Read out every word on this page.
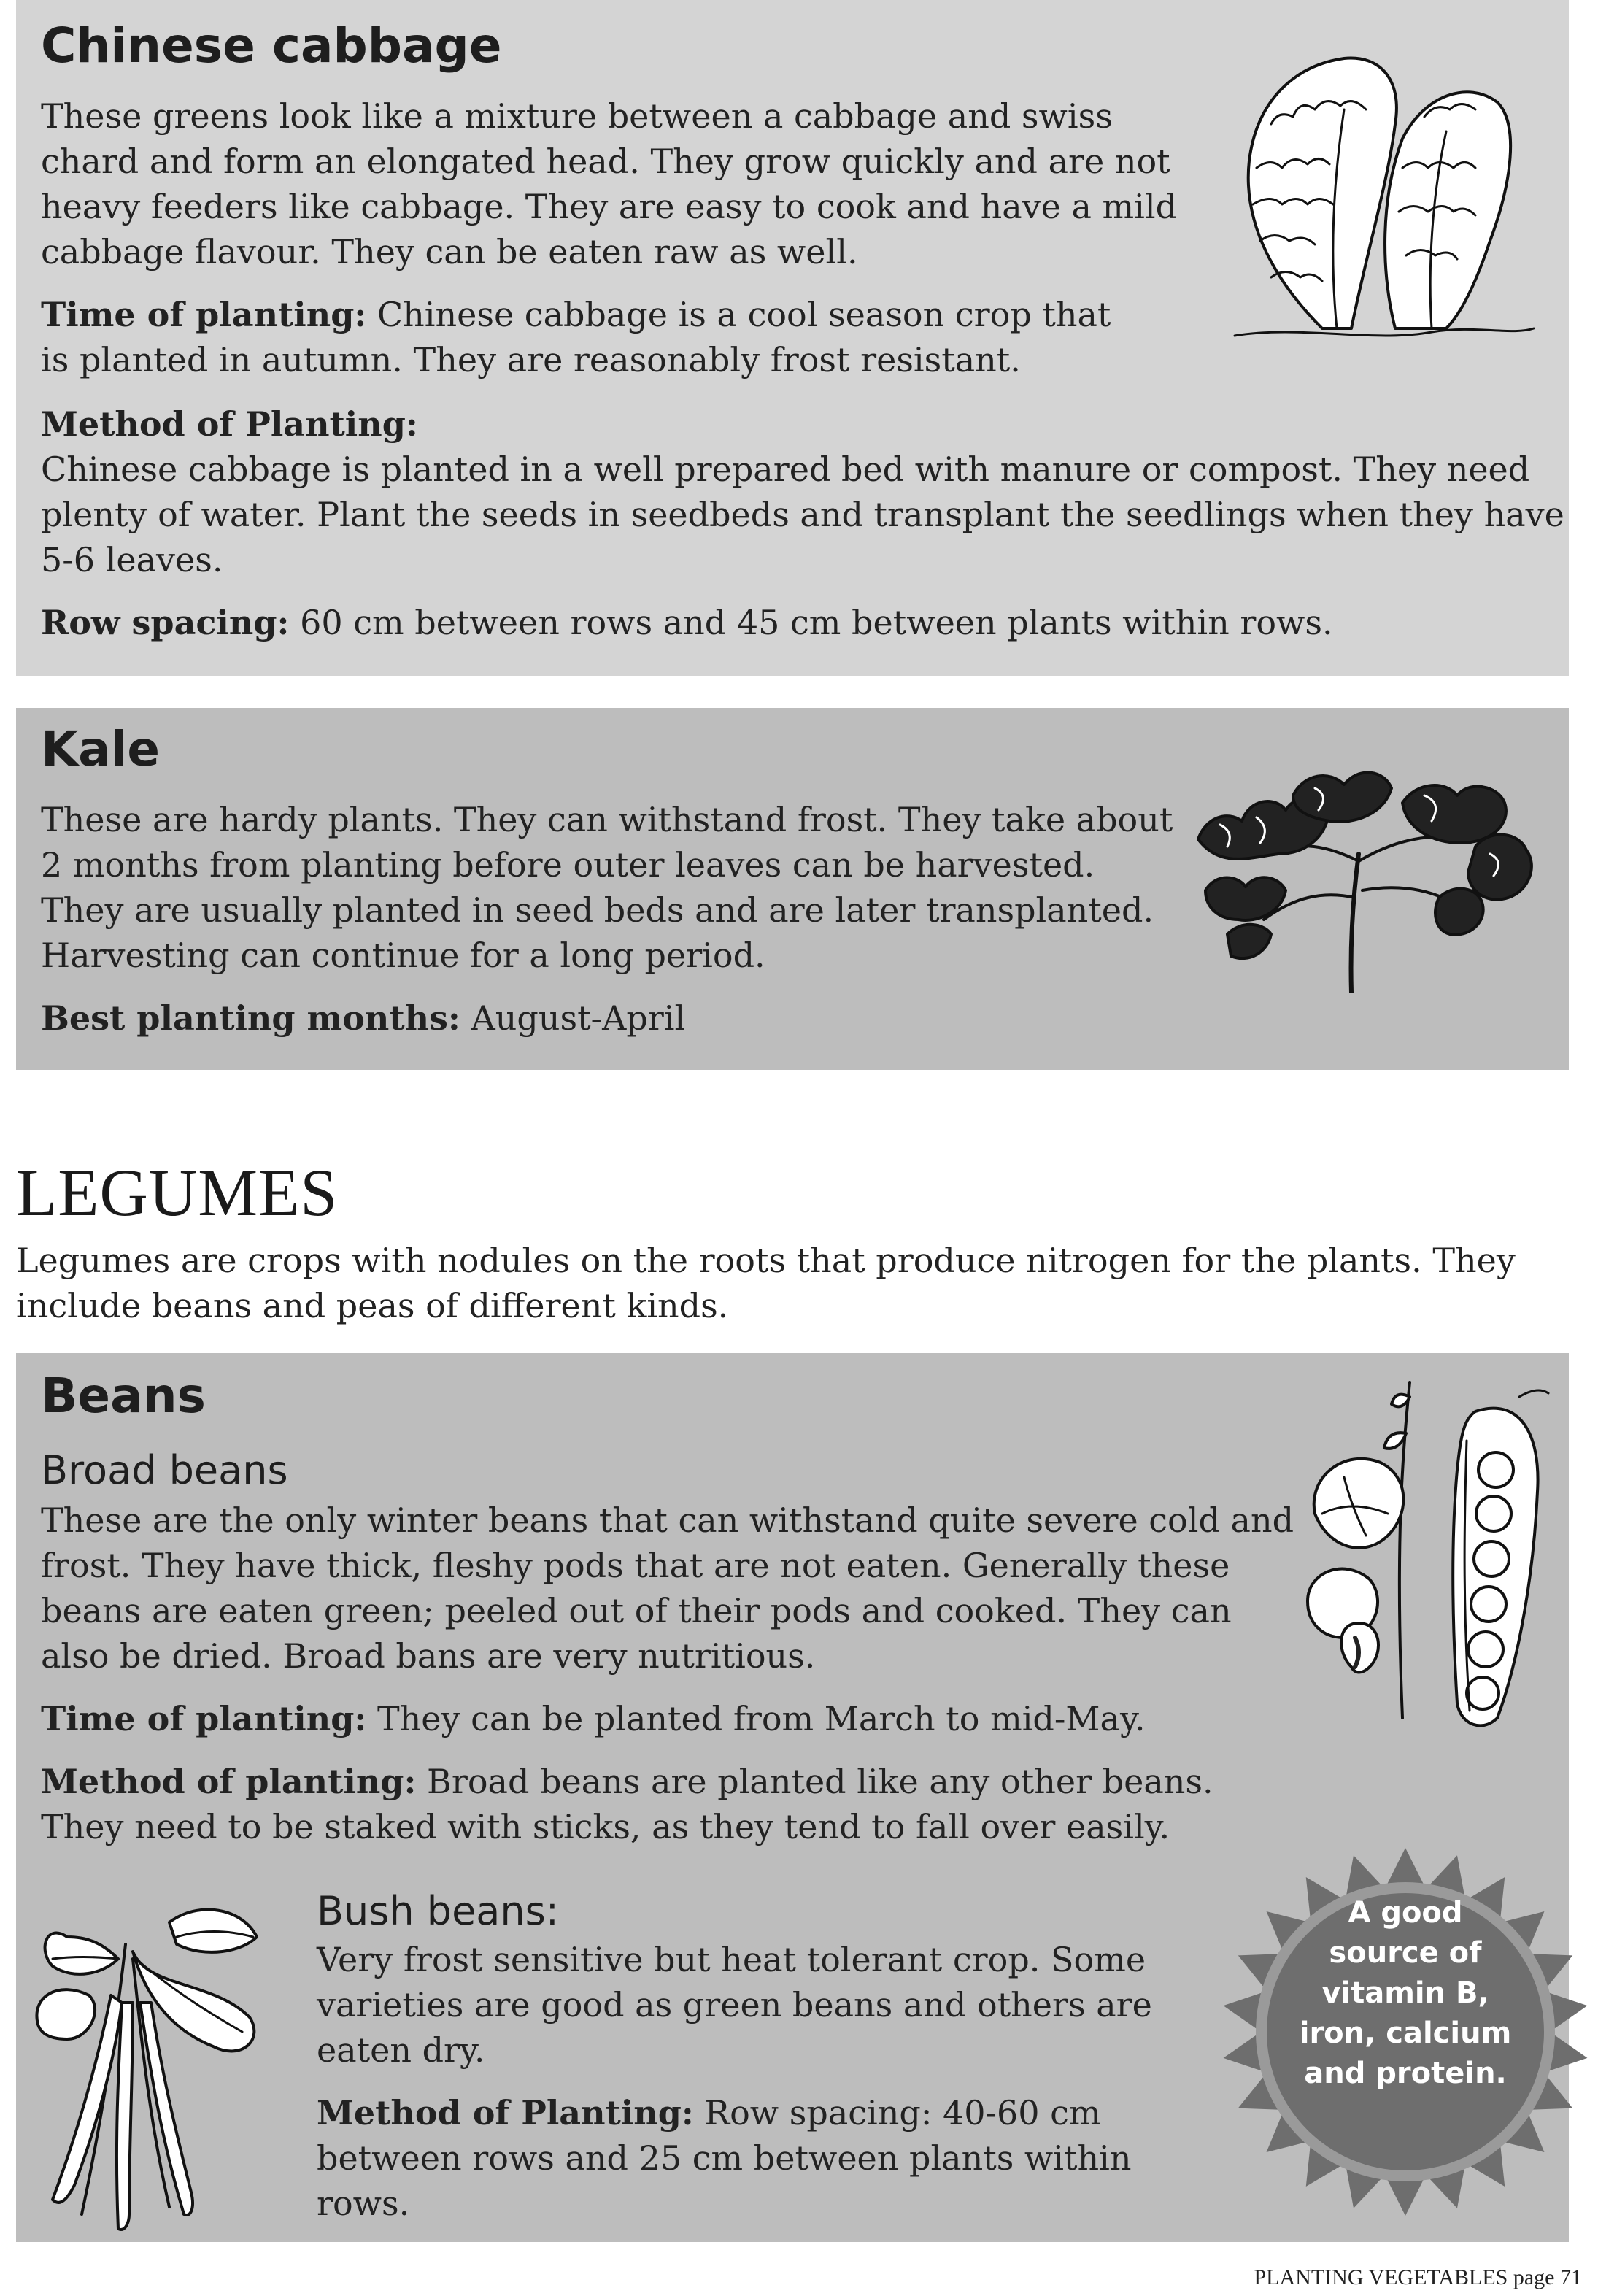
Chinese cabbage

These greens look like a mixture between a cabbage and swiss chard and form an elongated head. They grow quickly and are not heavy feeders like cabbage. They are easy to cook and have a mild cabbage flavour. They can be eaten raw as well.

Time of planting: Chinese cabbage is a cool season crop that is planted in autumn. They are reasonably frost resistant.

Method of Planting:
Chinese cabbage is planted in a well prepared bed with manure or compost. They need plenty of water. Plant the seeds in seedbeds and transplant the seedlings when they have 5-6 leaves.

Row spacing: 60 cm between rows and 45 cm between plants within rows.

Kale

These are hardy plants. They can withstand frost. They take about 2 months from planting before outer leaves can be harvested. They are usually planted in seed beds and are later transplanted. Harvesting can continue for a long period.

Best planting months: August-April

LEGUMES

Legumes are crops with nodules on the roots that produce nitrogen for the plants. They include beans and peas of different kinds.

Beans
Broad beans

These are the only winter beans that can withstand quite severe cold and frost. They have thick, fleshy pods that are not eaten. Generally these beans are eaten green; peeled out of their pods and cooked. They can also be dried. Broad bans are very nutritious.

Time of planting: They can be planted from March to mid-May.

Method of planting: Broad beans are planted like any other beans. They need to be staked with sticks, as they tend to fall over easily.

Bush beans:

Very frost sensitive but heat tolerant crop. Some varieties are good as green beans and others are eaten dry.

Method of Planting: Row spacing: 40-60 cm between rows and 25 cm between plants within rows.

A good source of vitamin B, iron, calcium and protein.

PLANTING VEGETABLES page 71
